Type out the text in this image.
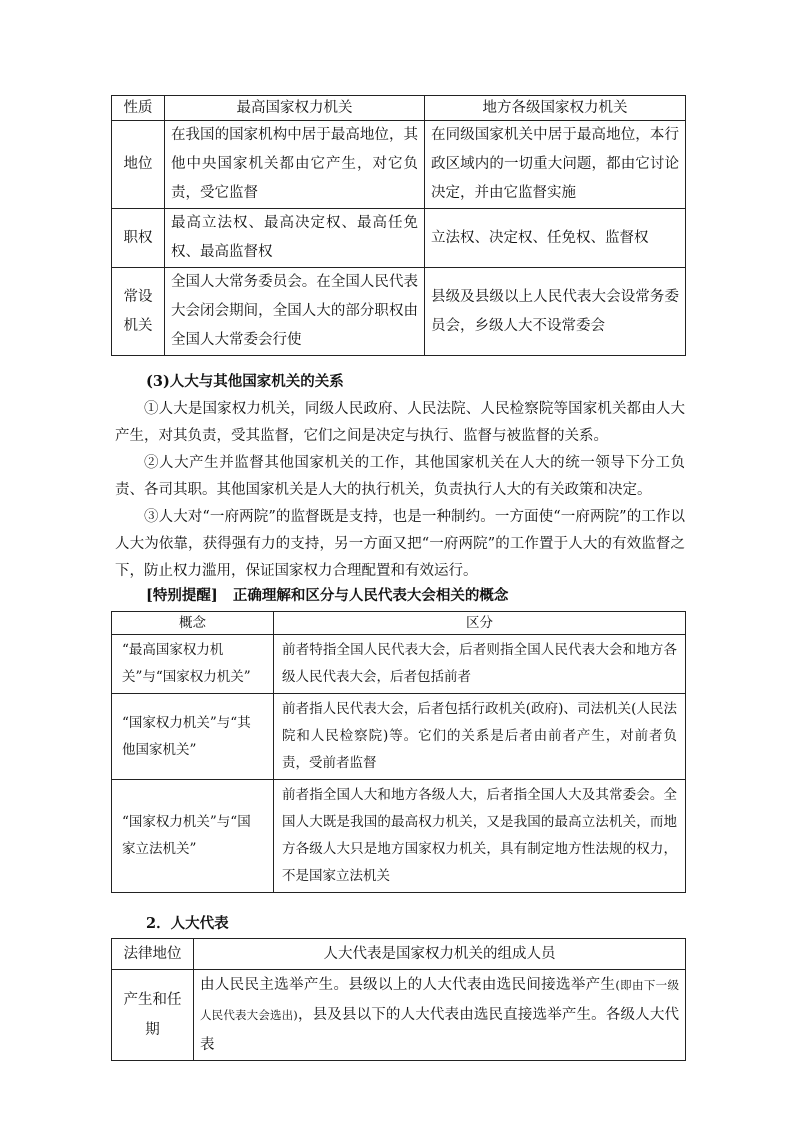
性质	最高国家权力机关	地方各级国家权力机关
地位	在我国的国家机构中居于最高地位，其他中央国家机关都由它产生，对它负责，受它监督	在同级国家机关中居于最高地位，本行政区域内的一切重大问题，都由它讨论决定，并由它监督实施
职权	最高立法权、最高决定权、最高任免权、最高监督权	立法权、决定权、任免权、监督权
常设机关	全国人大常务委员会。在全国人民代表大会闭会期间，全国人大的部分职权由全国人大常委会行使	县级及县级以上人民代表大会设常务委员会，乡级人大不设常委会

(3)人大与其他国家机关的关系

①人大是国家权力机关，同级人民政府、人民法院、人民检察院等国家机关都由人大产生，对其负责，受其监督，它们之间是决定与执行、监督与被监督的关系。

②人大产生并监督其他国家机关的工作，其他国家机关在人大的统一领导下分工负责、各司其职。其他国家机关是人大的执行机关，负责执行人大的有关政策和决定。

③人大对“一府两院”的监督既是支持，也是一种制约。一方面使“一府两院”的工作以人大为依靠，获得强有力的支持，另一方面又把“一府两院”的工作置于人大的有效监督之下，防止权力滥用，保证国家权力合理配置和有效运行。

[特别提醒] 正确理解和区分与人民代表大会相关的概念

概念	区分
“最高国家权力机关”与“国家权力机关”	前者特指全国人民代表大会，后者则指全国人民代表大会和地方各级人民代表大会，后者包括前者
“国家权力机关”与“其他国家机关”	前者指人民代表大会，后者包括行政机关(政府)、司法机关(人民法院和人民检察院)等。它们的关系是后者由前者产生，对前者负责，受前者监督
“国家权力机关”与“国家立法机关”	前者指全国人大和地方各级人大，后者指全国人大及其常委会。全国人大既是我国的最高权力机关，又是我国的最高立法机关，而地方各级人大只是地方国家权力机关，具有制定地方性法规的权力，不是国家立法机关

2．人大代表

法律地位	人大代表是国家权力机关的组成人员
产生和任期	由人民民主选举产生。县级以上的人大代表由选民间接选举产生(即由下一级人民代表大会选出)，县及县以下的人大代表由选民直接选举产生。各级人大代表
